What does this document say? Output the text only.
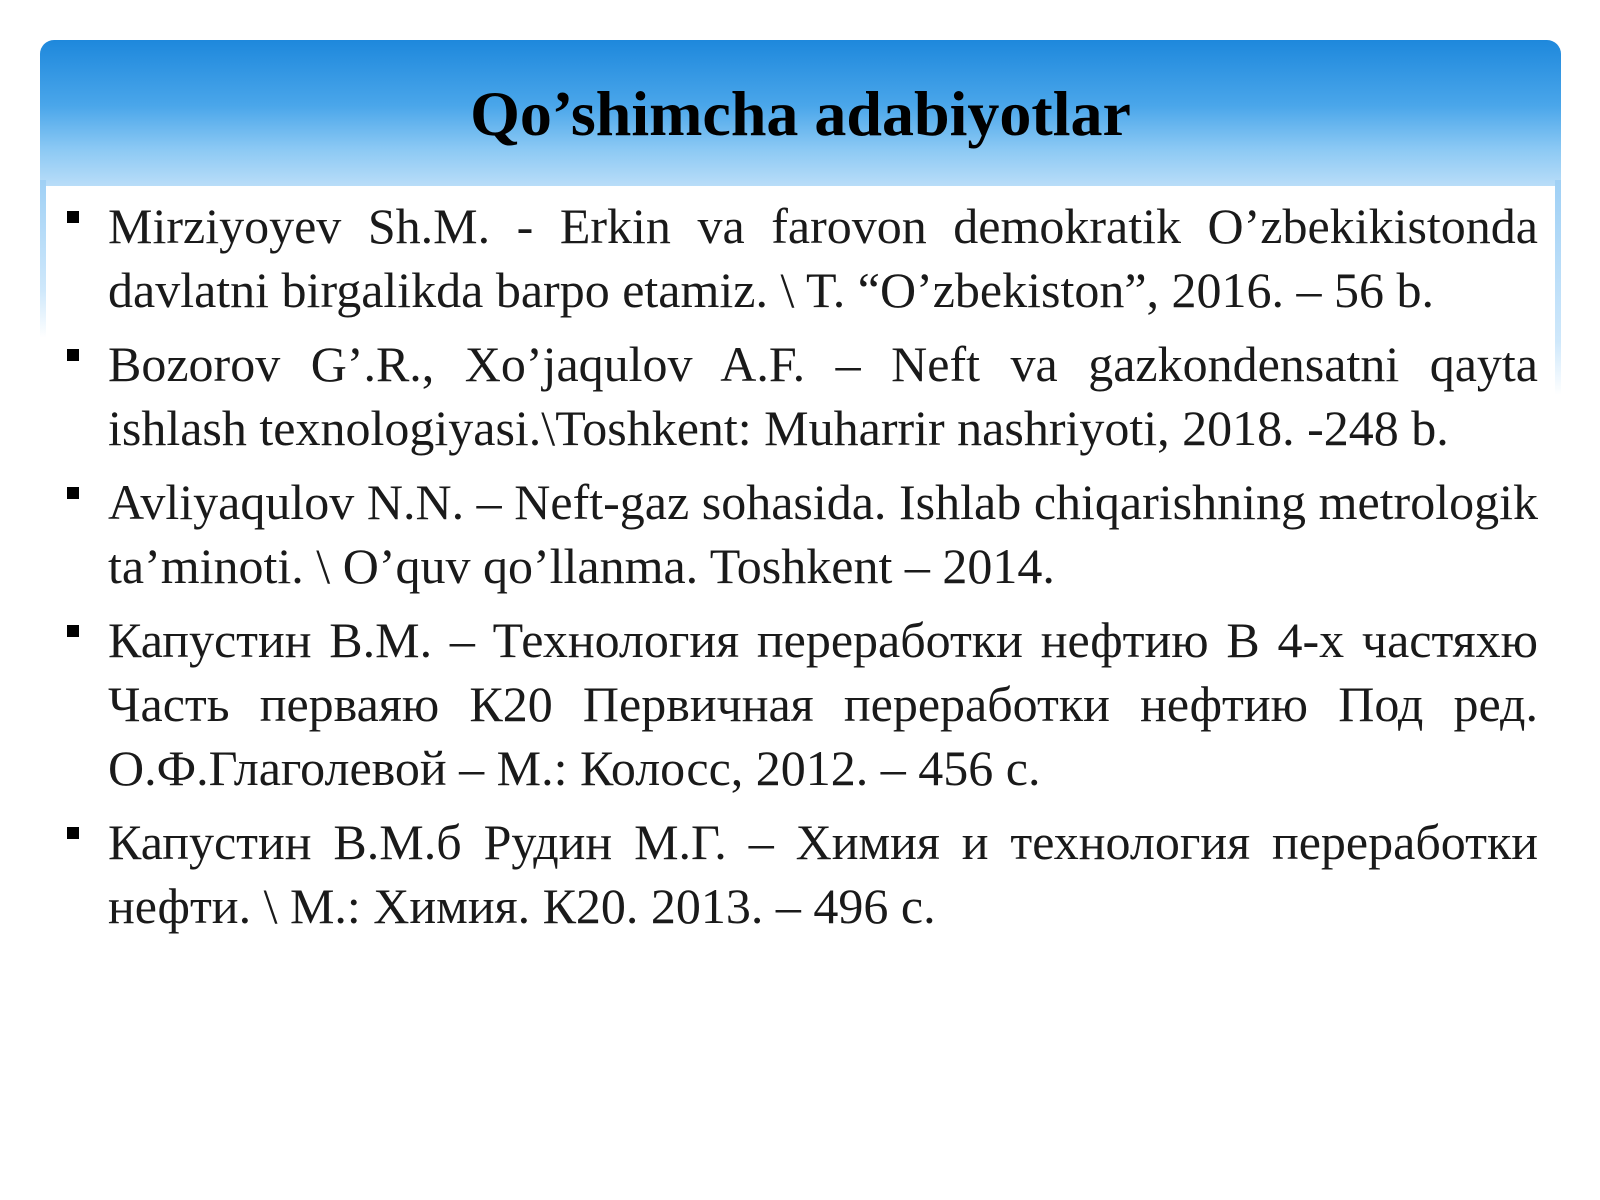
Qo’shimcha adabiyotlar
Mirziyoyev Sh.M. - Erkin va farovon demokratik O’zbekikistonda davlatni birgalikda barpo etamiz. \ T. “O’zbekiston”, 2016. – 56 b.
Bozorov G’.R., Xo’jaqulov A.F. – Neft va gazkondensatni qayta ishlash texnologiyasi.\Toshkent: Muharrir nashriyoti, 2018. -248 b.
Avliyaqulov N.N. – Neft-gaz sohasida. Ishlab chiqarishning metrologik ta’minoti. \ O’quv qo’llanma. Toshkent – 2014.
Капустин В.М. – Технология переработки нефтию В 4-х частяхю Часть перваяю К20 Первичная переработки нефтию Под ред. О.Ф.Глаголевой – М.: Колосс, 2012. – 456 с.
Капустин В.М.б Рудин М.Г. – Химия и технология переработки нефти. \ М.: Химия. К20. 2013. – 496 с.
